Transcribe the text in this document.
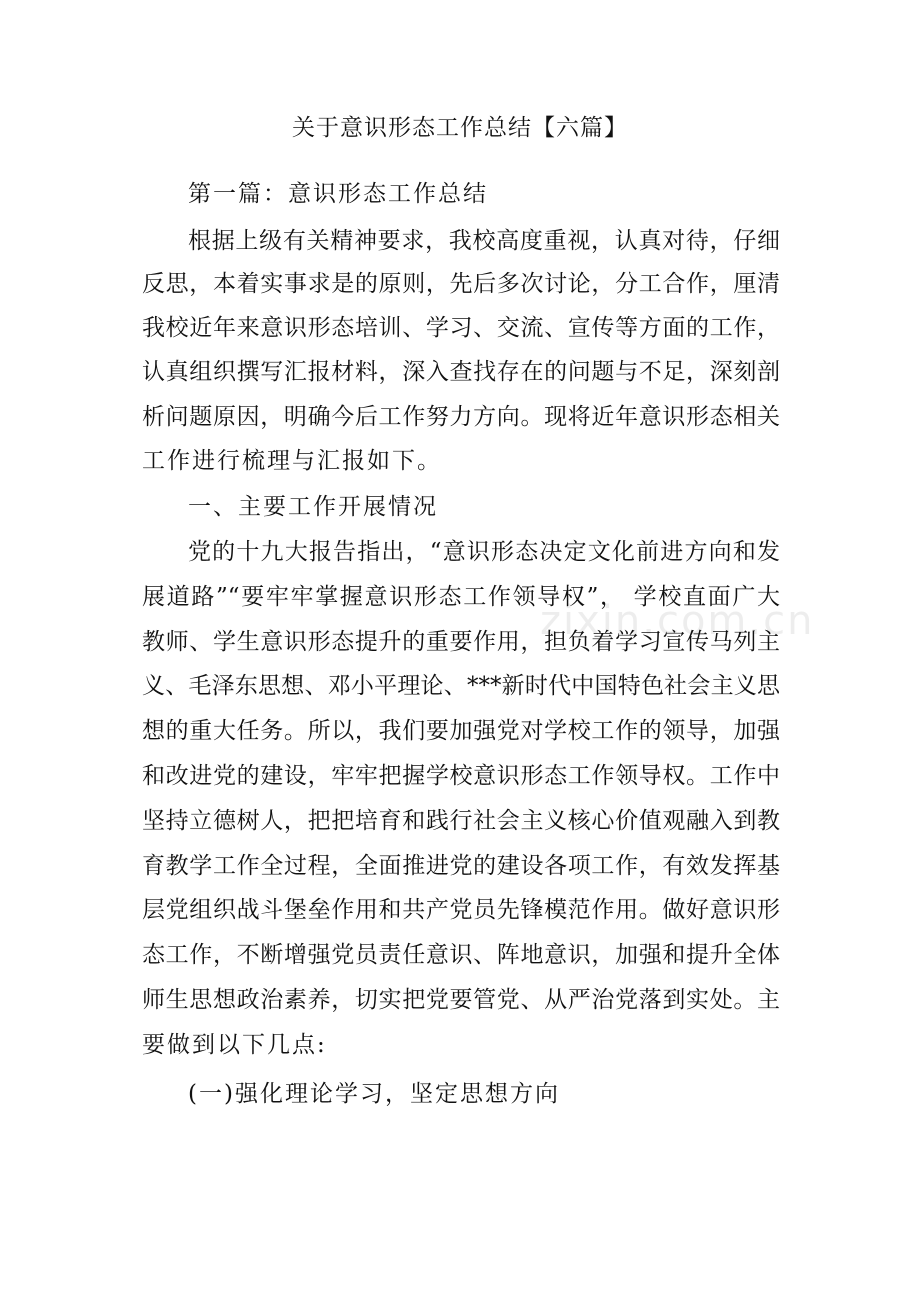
zixin.com.cn
关于意识形态工作总结【六篇】
第一篇：意识形态工作总结
根据上级有关精神要求，我校高度重视，认真对待，仔细
反思，本着实事求是的原则，先后多次讨论，分工合作，厘清
我校近年来意识形态培训、学习、交流、宣传等方面的工作，
认真组织撰写汇报材料，深入查找存在的问题与不足，深刻剖
析问题原因，明确今后工作努力方向。现将近年意识形态相关
工作进行梳理与汇报如下。
一、主要工作开展情况
党的十九大报告指出，“意识形态决定文化前进方向和发
展道路”“要牢牢掌握意识形态工作领导权”， 学校直面广大
教师、学生意识形态提升的重要作用，担负着学习宣传马列主
义、毛泽东思想、邓小平理论、***新时代中国特色社会主义思
想的重大任务。所以，我们要加强党对学校工作的领导，加强
和改进党的建设，牢牢把握学校意识形态工作领导权。工作中
坚持立德树人，把把培育和践行社会主义核心价值观融入到教
育教学工作全过程，全面推进党的建设各项工作，有效发挥基
层党组织战斗堡垒作用和共产党员先锋模范作用。做好意识形
态工作，不断增强党员责任意识、阵地意识，加强和提升全体
师生思想政治素养，切实把党要管党、从严治党落到实处。主
要做到以下几点:
(一)强化理论学习，坚定思想方向
